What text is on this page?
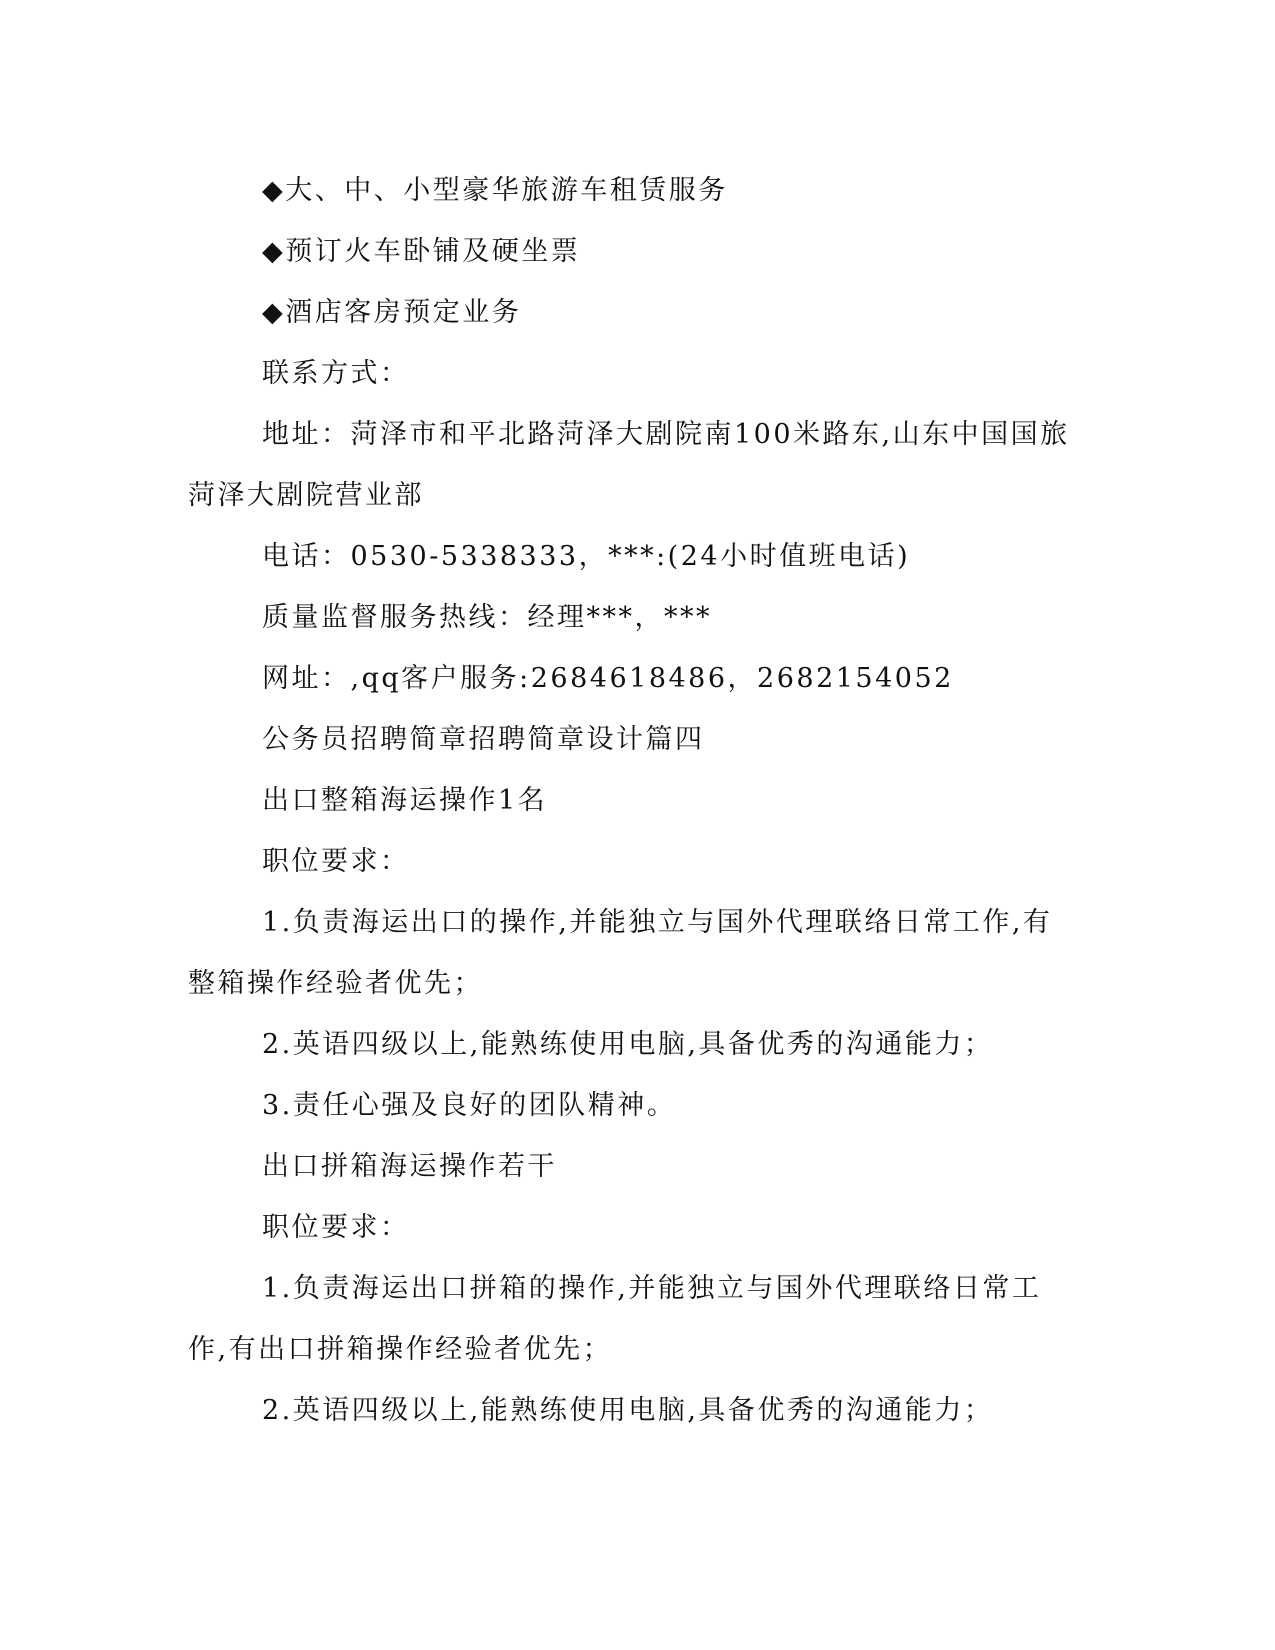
◆大、中、小型豪华旅游车租赁服务

◆预订火车卧铺及硬坐票

◆酒店客房预定业务

联系方式：

地址：菏泽市和平北路菏泽大剧院南100米路东,山东中国国旅菏泽大剧院营业部

电话：0530-5338333，***:(24小时值班电话)

质量监督服务热线：经理***，***

网址：,qq客户服务:2684618486，2682154052

公务员招聘简章招聘简章设计篇四

出口整箱海运操作1名

职位要求：

1.负责海运出口的操作,并能独立与国外代理联络日常工作,有整箱操作经验者优先；

2.英语四级以上,能熟练使用电脑,具备优秀的沟通能力；

3.责任心强及良好的团队精神。

出口拼箱海运操作若干

职位要求：

1.负责海运出口拼箱的操作,并能独立与国外代理联络日常工作,有出口拼箱操作经验者优先；

2.英语四级以上,能熟练使用电脑,具备优秀的沟通能力；
